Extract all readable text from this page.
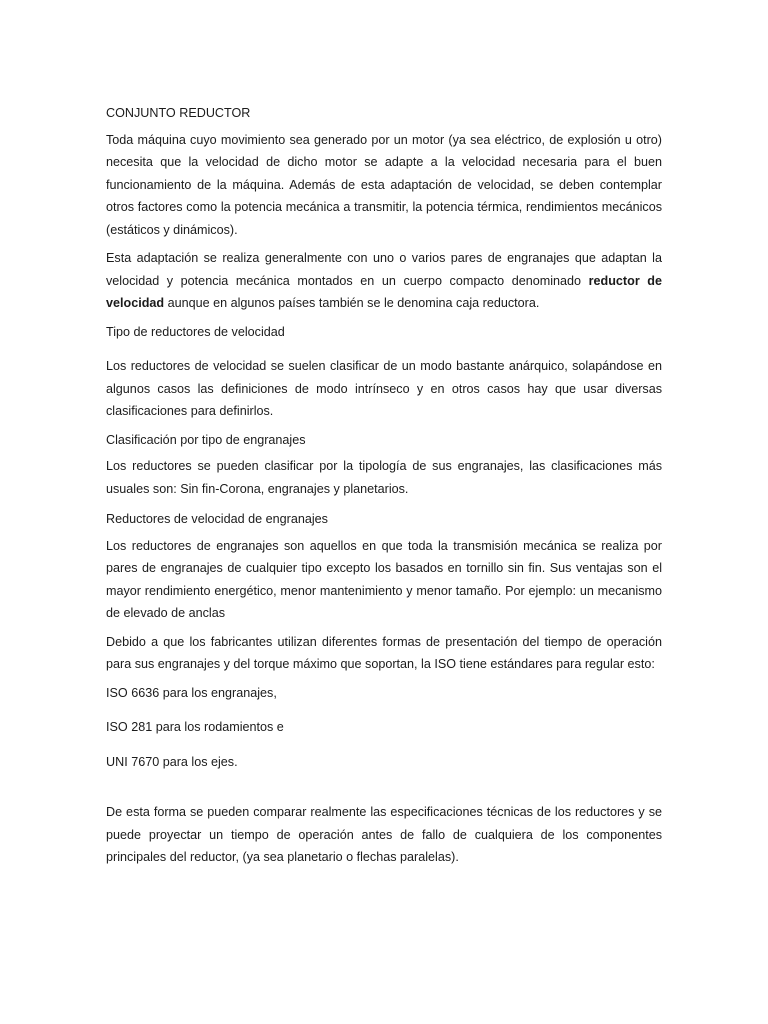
CONJUNTO REDUCTOR
Toda máquina cuyo movimiento sea generado por un motor (ya sea eléctrico, de explosión u otro) necesita que la velocidad de dicho motor se adapte a la velocidad necesaria para el buen funcionamiento de la máquina. Además de esta adaptación de velocidad, se deben contemplar otros factores como la potencia mecánica a transmitir, la potencia térmica, rendimientos mecánicos (estáticos y dinámicos).
Esta adaptación se realiza generalmente con uno o varios pares de engranajes que adaptan la velocidad y potencia mecánica montados en un cuerpo compacto denominado reductor de velocidad aunque en algunos países también se le denomina caja reductora.
Tipo de reductores de velocidad
Los reductores de velocidad se suelen clasificar de un modo bastante anárquico, solapándose en algunos casos las definiciones de modo intrínseco y en otros casos hay que usar diversas clasificaciones para definirlos.
Clasificación por tipo de engranajes
Los reductores se pueden clasificar por la tipología de sus engranajes, las clasificaciones más usuales son: Sin fin-Corona, engranajes y planetarios.
Reductores de velocidad de engranajes
Los reductores de engranajes son aquellos en que toda la transmisión mecánica se realiza por pares de engranajes de cualquier tipo excepto los basados en tornillo sin fin. Sus ventajas son el mayor rendimiento energético, menor mantenimiento y menor tamaño. Por ejemplo: un mecanismo de elevado de anclas
Debido a que los fabricantes utilizan diferentes formas de presentación del tiempo de operación para sus engranajes y del torque máximo que soportan, la ISO tiene estándares para regular esto:
ISO 6636 para los engranajes,
ISO 281 para los rodamientos e
UNI 7670 para los ejes.
De esta forma se pueden comparar realmente las especificaciones técnicas de los reductores y se puede proyectar un tiempo de operación antes de fallo de cualquiera de los componentes principales del reductor, (ya sea planetario o flechas paralelas).
